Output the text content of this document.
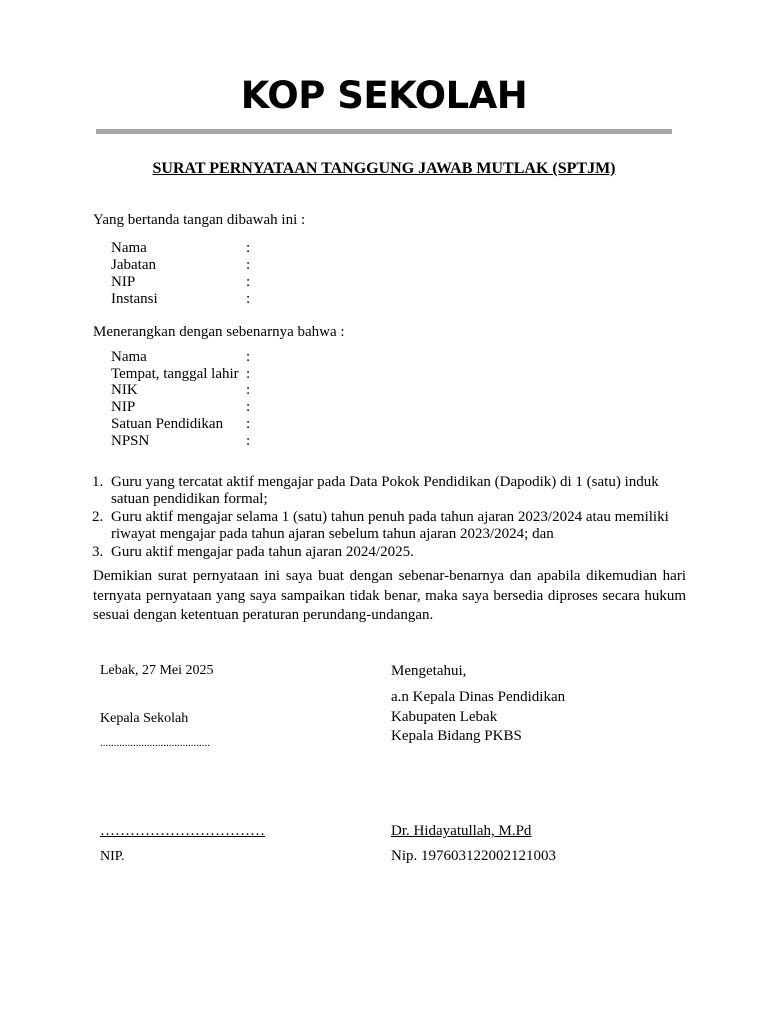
KOP SEKOLAH
SURAT PERNYATAAN TANGGUNG JAWAB MUTLAK (SPTJM)
Yang bertanda tangan dibawah ini :
Nama	:
Jabatan	:
NIP	:
Instansi	:
Menerangkan dengan sebenarnya bahwa :
Nama	:
Tempat, tanggal lahir :
NIK	:
NIP	:
Satuan Pendidikan :
NPSN	:
1. Guru yang tercatat aktif mengajar pada Data Pokok Pendidikan (Dapodik) di 1 (satu) induk satuan pendidikan formal;
2. Guru aktif mengajar selama 1 (satu) tahun penuh pada tahun ajaran 2023/2024 atau memiliki riwayat mengajar pada tahun ajaran sebelum tahun ajaran 2023/2024; dan
3. Guru aktif mengajar pada tahun ajaran 2024/2025.
Demikian surat pernyataan ini saya buat dengan sebenar-benarnya dan apabila dikemudian hari ternyata pernyataan yang saya sampaikan tidak benar, maka saya bersedia diproses secara hukum sesuai dengan ketentuan peraturan perundang-undangan.
Lebak, 27 Mei 2025
Kepala Sekolah
........................................
……………………………
NIP.
Mengetahui,
a.n Kepala Dinas Pendidikan
Kabupaten Lebak
Kepala Bidang PKBS
Dr. Hidayatullah, M.Pd
Nip. 197603122002121003
